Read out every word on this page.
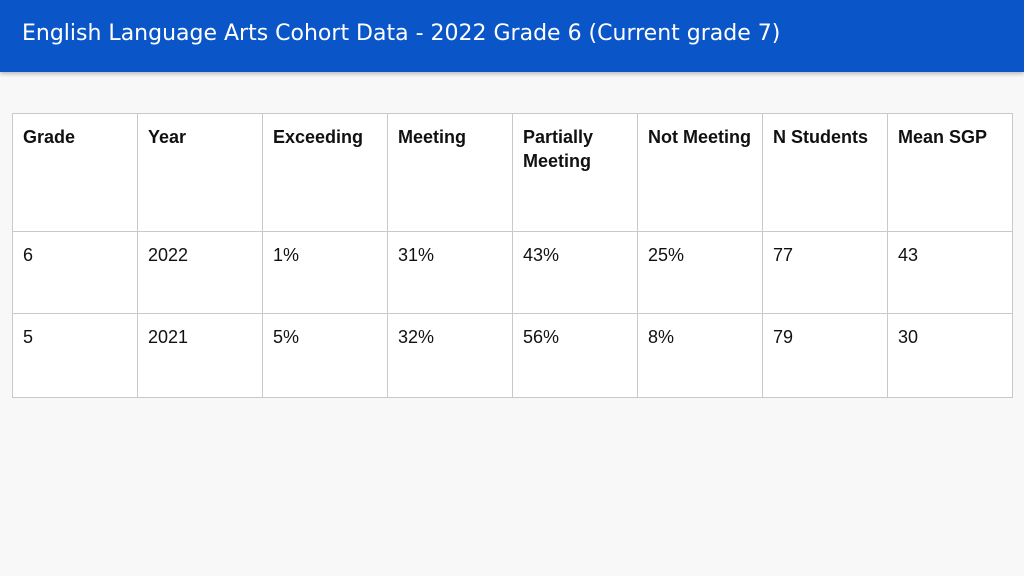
English Language Arts Cohort Data - 2022 Grade 6 (Current grade 7)
Grade	Year	Exceeding	Meeting	Partially Meeting	Not Meeting	N Students	Mean SGP
6	2022	1%	31%	43%	25%	77	43
5	2021	5%	32%	56%	8%	79	30
